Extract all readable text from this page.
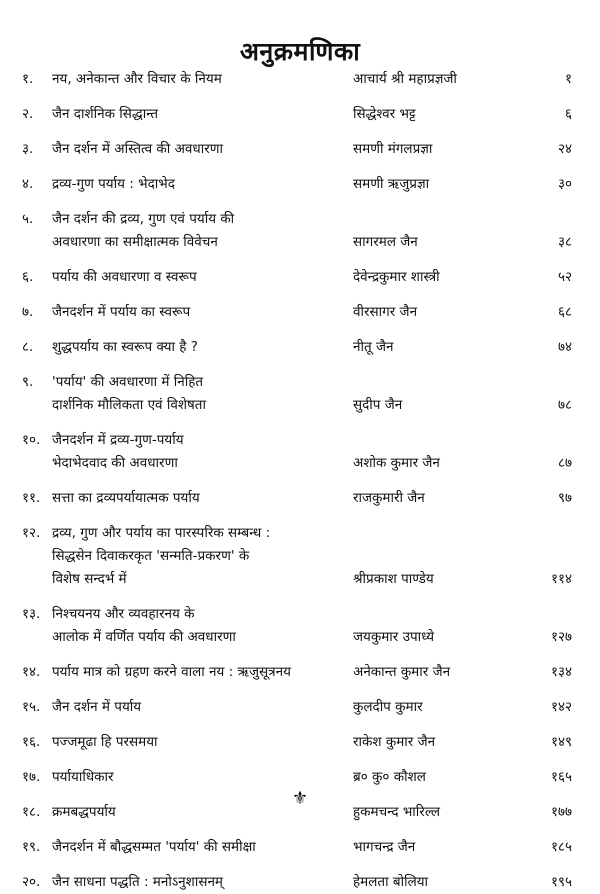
अनुक्रमणिका
१. नय, अनेकान्त और विचार के नियम	आचार्य श्री महाप्रज्ञजी	१
२. जैन दार्शनिक सिद्धान्त	सिद्धेश्वर भट्ट	६
३. जैन दर्शन में अस्तित्व की अवधारणा	समणी मंगलप्रज्ञा	२४
४. द्रव्य-गुण पर्याय : भेदाभेद	समणी ऋजुप्रज्ञा	३०
५. जैन दर्शन की द्रव्य, गुण एवं पर्याय की
अवधारणा का समीक्षात्मक विवेचन	सागरमल जैन	३८
६. पर्याय की अवधारणा व स्वरूप	देवेन्द्रकुमार शास्त्री	५२
७. जैनदर्शन में पर्याय का स्वरूप	वीरसागर जैन	६८
८. शुद्धपर्याय का स्वरूप क्या है ?	नीतू जैन	७४
९. 'पर्याय' की अवधारणा में निहित
दार्शनिक मौलिकता एवं विशेषता	सुदीप जैन	७८
१०. जैनदर्शन में द्रव्य-गुण-पर्याय
भेदाभेदवाद की अवधारणा	अशोक कुमार जैन	८७
११. सत्ता का द्रव्यपर्यायात्मक पर्याय	राजकुमारी जैन	९७
१२. द्रव्य, गुण और पर्याय का पारस्परिक सम्बन्ध :
सिद्धसेन दिवाकरकृत 'सन्मति-प्रकरण' के
विशेष सन्दर्भ में	श्रीप्रकाश पाण्डेय	११४
१३. निश्चयनय और व्यवहारनय के
आलोक में वर्णित पर्याय की अवधारणा	जयकुमार उपाध्ये	१२७
१४. पर्याय मात्र को ग्रहण करने वाला नय : ऋजुसूत्रनय	अनेकान्त कुमार जैन	१३४
१५. जैन दर्शन में पर्याय	कुलदीप कुमार	१४२
१६. पज्जमूढा हि परसमया	राकेश कुमार जैन	१४९
१७. पर्यायाधिकार	ब्र० कु० कौशल	१६५
१८. क्रमबद्धपर्याय	हुकमचन्द भारिल्ल	१७७
१९. जैनदर्शन में बौद्धसम्मत 'पर्याय' की समीक्षा	भागचन्द्र जैन	१८५
२०. जैन साधना पद्धति : मनोऽनुशासनम्	हेमलता बोलिया	१९५
⚜
